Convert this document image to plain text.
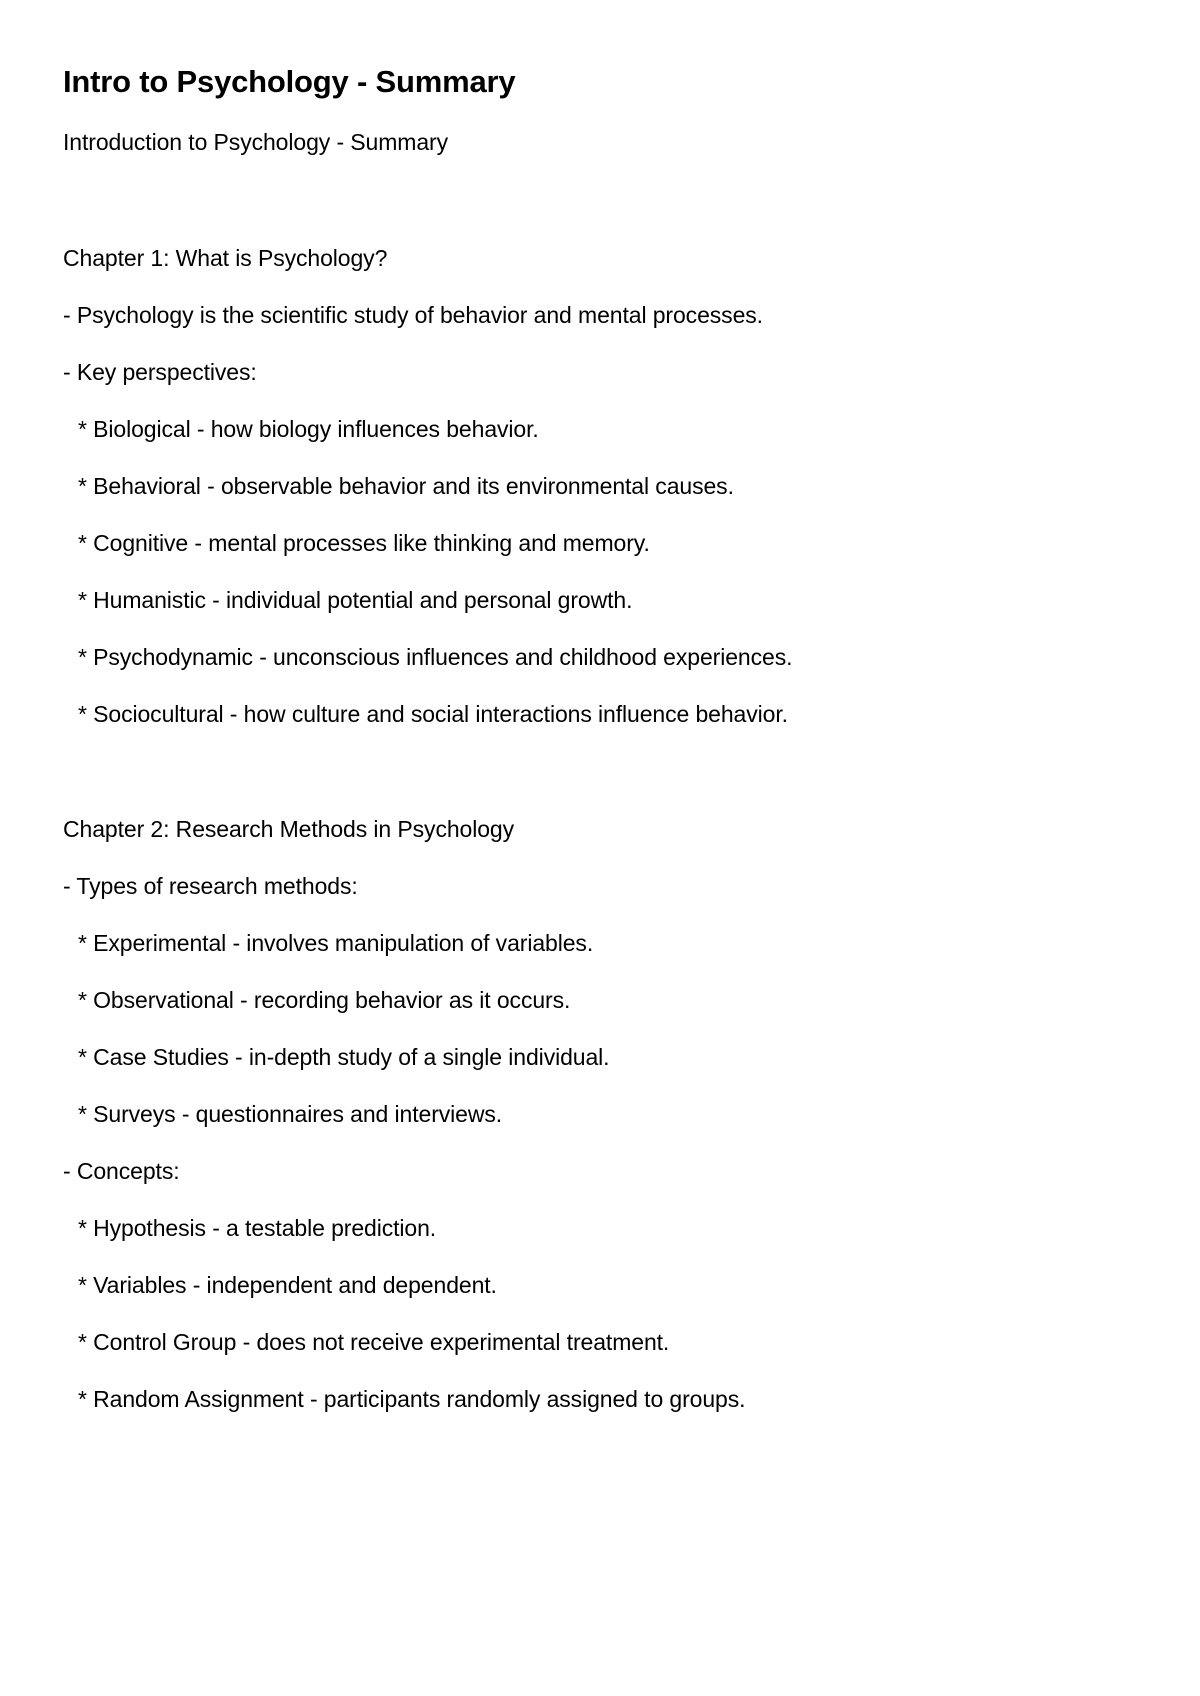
Intro to Psychology - Summary
Introduction to Psychology - Summary
Chapter 1: What is Psychology?
- Psychology is the scientific study of behavior and mental processes.
- Key perspectives:
* Biological - how biology influences behavior.
* Behavioral - observable behavior and its environmental causes.
* Cognitive - mental processes like thinking and memory.
* Humanistic - individual potential and personal growth.
* Psychodynamic - unconscious influences and childhood experiences.
* Sociocultural - how culture and social interactions influence behavior.
Chapter 2: Research Methods in Psychology
- Types of research methods:
* Experimental - involves manipulation of variables.
* Observational - recording behavior as it occurs.
* Case Studies - in-depth study of a single individual.
* Surveys - questionnaires and interviews.
- Concepts:
* Hypothesis - a testable prediction.
* Variables - independent and dependent.
* Control Group - does not receive experimental treatment.
* Random Assignment - participants randomly assigned to groups.
